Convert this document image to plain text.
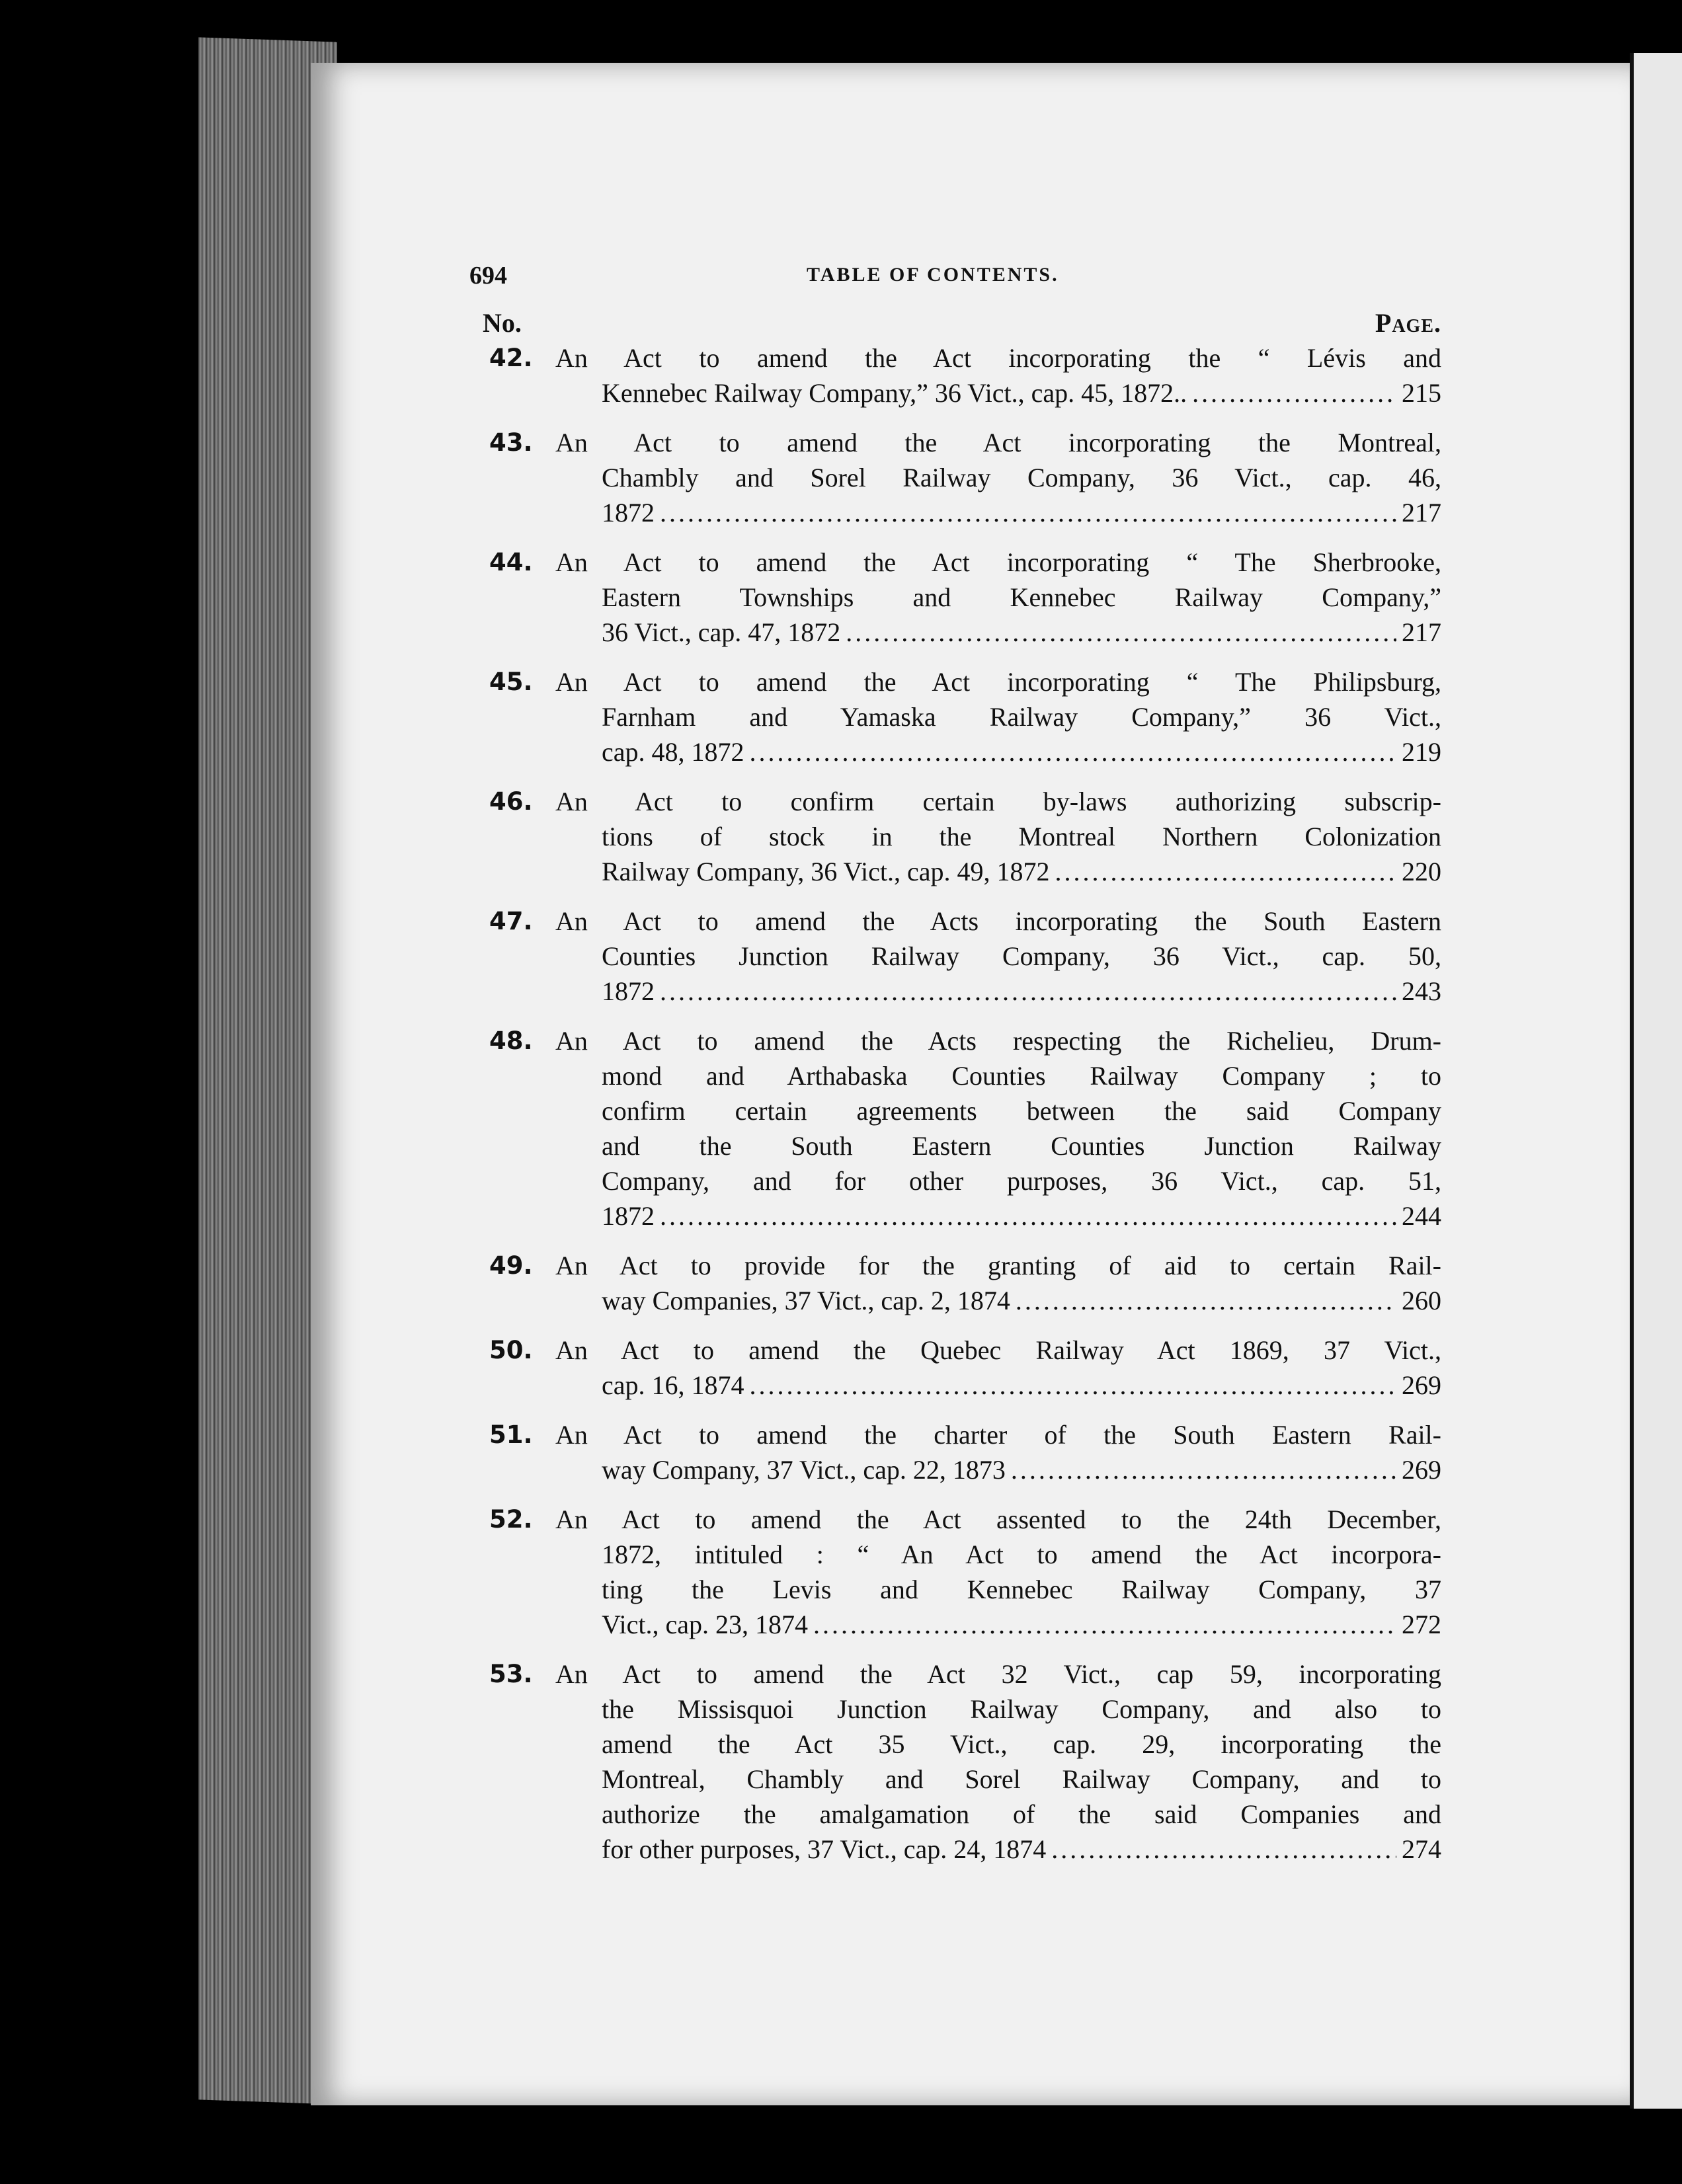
694	TABLE OF CONTENTS.
No.	Page.
42. An Act to amend the Act incorporating the “ Lévis and
Kennebec Railway Company,” 36 Vict., cap. 45, 1872.. .....	215
43. An Act to amend the Act incorporating the Montreal,
Chambly and Sorel Railway Company, 36 Vict., cap. 46,
1872 .....	217
44. An Act to amend the Act incorporating “ The Sherbrooke,
Eastern Townships and Kennebec Railway Company,”
36 Vict., cap. 47, 1872 .....	217
45. An Act to amend the Act incorporating “ The Philipsburg,
Farnham and Yamaska Railway Company,” 36 Vict.,
cap. 48, 1872 .....	219
46. An Act to confirm certain by-laws authorizing subscrip-
tions of stock in the Montreal Northern Colonization
Railway Company, 36 Vict., cap. 49, 1872 .....	220
47. An Act to amend the Acts incorporating the South Eastern
Counties Junction Railway Company, 36 Vict., cap. 50,
1872 .....	243
48. An Act to amend the Acts respecting the Richelieu, Drum-
mond and Arthabaska Counties Railway Company ; to
confirm certain agreements between the said Company
and the South Eastern Counties Junction Railway
Company, and for other purposes, 36 Vict., cap. 51,
1872 .....	244
49. An Act to provide for the granting of aid to certain Rail-
way Companies, 37 Vict., cap. 2, 1874 .....	260
50. An Act to amend the Quebec Railway Act 1869, 37 Vict.,
cap. 16, 1874 .....	269
51. An Act to amend the charter of the South Eastern Rail-
way Company, 37 Vict., cap. 22, 1873 .....	269
52. An Act to amend the Act assented to the 24th December,
1872, intituled : “ An Act to amend the Act incorpora-
ting the Levis and Kennebec Railway Company, 37
Vict., cap. 23, 1874 .....	272
53. An Act to amend the Act 32 Vict., cap 59, incorporating
the Missisquoi Junction Railway Company, and also to
amend the Act 35 Vict., cap. 29, incorporating the
Montreal, Chambly and Sorel Railway Company, and to
authorize the amalgamation of the said Companies and
for other purposes, 37 Vict., cap. 24, 1874 .....	274
